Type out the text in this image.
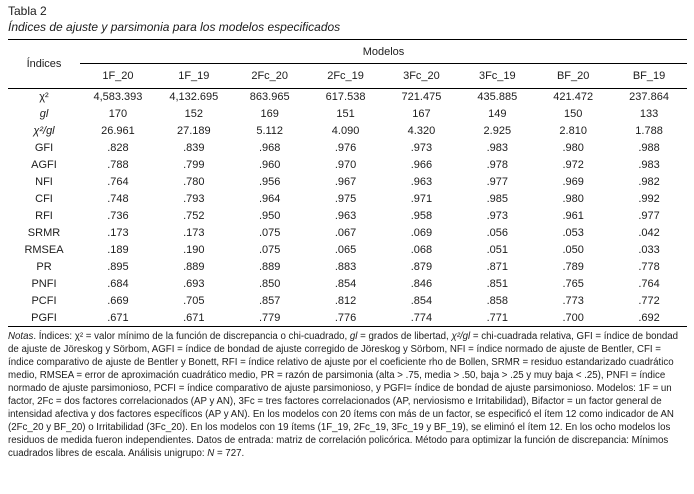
Tabla 2
Índices de ajuste y parsimonia para los modelos especificados
Índices	Modelos							
	1F_20	1F_19	2Fc_20	2Fc_19	3Fc_20	3Fc_19	BF_20	BF_19
χ²	4,583.393	4,132.695	863.965	617.538	721.475	435.885	421.472	237.864
gl	170	152	169	151	167	149	150	133
χ²/gl	26.961	27.189	5.112	4.090	4.320	2.925	2.810	1.788
GFI	.828	.839	.968	.976	.973	.983	.980	.988
AGFI	.788	.799	.960	.970	.966	.978	.972	.983
NFI	.764	.780	.956	.967	.963	.977	.969	.982
CFI	.748	.793	.964	.975	.971	.985	.980	.992
RFI	.736	.752	.950	.963	.958	.973	.961	.977
SRMR	.173	.173	.075	.067	.069	.056	.053	.042
RMSEA	.189	.190	.075	.065	.068	.051	.050	.033
PR	.895	.889	.889	.883	.879	.871	.789	.778
PNFI	.684	.693	.850	.854	.846	.851	.765	.764
PCFI	.669	.705	.857	.812	.854	.858	.773	.772
PGFI	.671	.671	.779	.776	.774	.771	.700	.692

Notas. Índices: χ² = valor mínimo de la función de discrepancia o chi-cuadrado, gl = grados de libertad, χ²/gl = chi-cuadrada relativa, GFI = índice de bondad de ajuste de Jöreskog y Sörbom, AGFI = índice de bondad de ajuste corregido de Jöreskog y Sörbom, NFI = índice normado de ajuste de Bentler, CFI = índice comparativo de ajuste de Bentler y Bonett, RFI = índice relativo de ajuste por el coeficiente rho de Bollen, SRMR = residuo estandarizado cuadrático medio, RMSEA = error de aproximación cuadrático medio, PR = razón de parsimonia (alta > .75, media > .50, baja > .25 y muy baja < .25), PNFI = índice normado de ajuste parsimonioso, PCFI = índice comparativo de ajuste parsimonioso, y PGFI= índice de bondad de ajuste parsimonioso. Modelos: 1F = un factor, 2Fc = dos factores correlacionados (AP y AN), 3Fc = tres factores correlacionados (AP, nerviosismo e Irritabilidad), Bifactor = un factor general de intensidad afectiva y dos factores específicos (AP y AN). En los modelos con 20 ítems con más de un factor, se especificó el ítem 12 como indicador de AN (2Fc_20 y BF_20) o Irritabilidad (3Fc_20). En los modelos con 19 ítems (1F_19, 2Fc_19, 3Fc_19 y BF_19), se eliminó el ítem 12. En los ocho modelos los residuos de medida fueron independientes. Datos de entrada: matriz de correlación policórica. Método para optimizar la función de discrepancia: Mínimos cuadrados libres de escala. Análisis unigrupo: N = 727.
